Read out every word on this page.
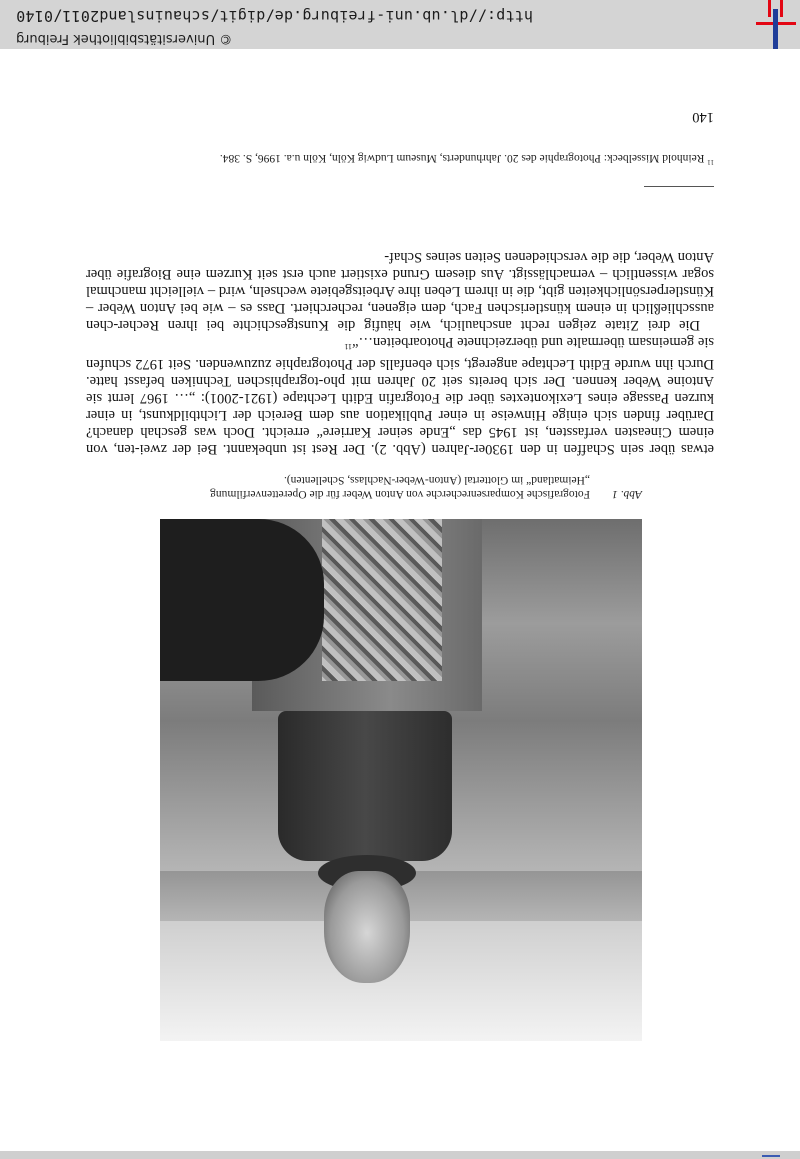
Abb. 1Fotografische Komparsenrecherche von Anton Weber für die Operettenverfilmung
„Heimatland“ im Glottertal (Anton-Weber-Nachlass, Schellenten).

etwas über sein Schaffen in den 1930er-Jahren (Abb. 2). Der Rest ist unbekannt. Bei der zwei-ten, von einem Cineasten verfassten, ist 1945 das „Ende seiner Karriere“ erreicht. Doch was geschah danach? Darüber finden sich einige Hinweise in einer Publikation aus dem Bereich der Lichtbildkunst, in einer kurzen Passage eines Lexikontextes über die Fotografin Edith Lechtape (1921-2001): „… 1967 lernt sie Antoine Weber kennen. Der sich bereits seit 20 Jahren mit pho-tographischen Techniken befasst hatte. Durch ihn wurde Edith Lechtape angeregt, sich ebenfalls der Photographie zuzuwenden. Seit 1972 schufen sie gemeinsam übermalte und überzeichnete Photoarbeiten…“$^{11}$

Die drei Zitate zeigen recht anschaulich, wie häufig die Kunstgeschichte bei ihren Recher-chen ausschließlich in einem künstlerischen Fach, dem eigenen, recherchiert. Dass es – wie bei Anton Weber – Künstlerpersönlichkeiten gibt, die in ihrem Leben ihre Arbeitsgebiete wechseln, wird – vielleicht manchmal sogar wissentlich – vernachlässigt. Aus diesem Grund existiert auch erst seit Kurzem eine Biografie über Anton Weber, die die verschiedenen Seiten seines Schaf-

$^{11}$ Reinhold Misselbeck: Photographie des 20. Jahrhunderts, Museum Ludwig Köln, Köln u.a. 1996, S. 384.
140
© Universitätsbibliothek Freiburg
http://dl.ub.uni-freiburg.de/digit/schauinsland2011/0140
